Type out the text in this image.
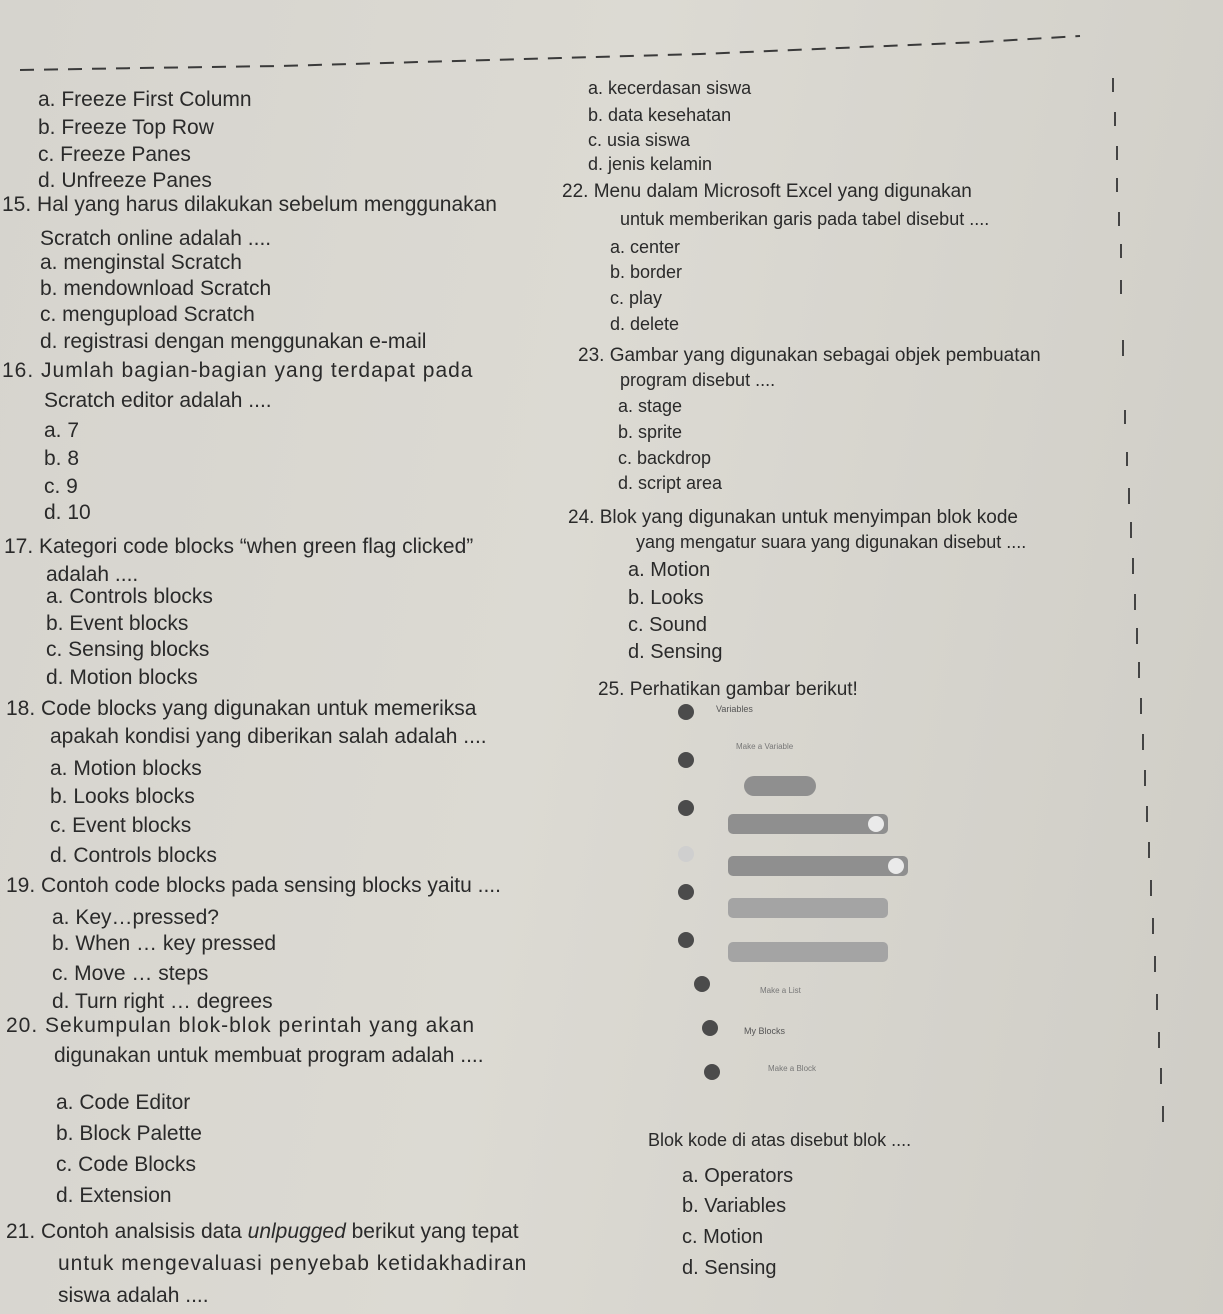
a. Freeze First Column
b. Freeze Top Row
c. Freeze Panes
d. Unfreeze Panes
15. Hal yang harus dilakukan sebelum menggunakan
Scratch online adalah ....
a. menginstal Scratch
b. mendownload Scratch
c. mengupload Scratch
d. registrasi dengan menggunakan e-mail
16. Jumlah bagian-bagian yang terdapat pada
Scratch editor adalah ....
a. 7
b. 8
c. 9
d. 10
17. Kategori code blocks “when green flag clicked”
adalah ....
a. Controls blocks
b. Event blocks
c. Sensing blocks
d. Motion blocks
18. Code blocks yang digunakan untuk memeriksa
apakah kondisi yang diberikan salah adalah ....
a. Motion blocks
b. Looks blocks
c. Event blocks
d. Controls blocks
19. Contoh code blocks pada sensing blocks yaitu ....
a. Key…pressed?
b. When … key pressed
c. Move … steps
d. Turn right … degrees
20. Sekumpulan blok-blok perintah yang akan
digunakan untuk membuat program adalah ....
a. Code Editor
b. Block Palette
c. Code Blocks
d. Extension
21. Contoh analsisis data unlpugged berikut yang tepat
untuk mengevaluasi penyebab ketidakhadiran
siswa adalah ....
a. kecerdasan siswa
b. data kesehatan
c. usia siswa
d. jenis kelamin
22. Menu dalam Microsoft Excel yang digunakan
untuk memberikan garis pada tabel disebut ....
a. center
b. border
c. play
d. delete
23. Gambar yang digunakan sebagai objek pembuatan
program disebut ....
a. stage
b. sprite
c. backdrop
d. script area
24. Blok yang digunakan untuk menyimpan blok kode
yang mengatur suara yang digunakan disebut ....
a. Motion
b. Looks
c. Sound
d. Sensing
25. Perhatikan gambar berikut!
Variables
Make a Variable
Make a List
My Blocks
Make a Block
Blok kode di atas disebut blok ....
a. Operators
b. Variables
c. Motion
d. Sensing
